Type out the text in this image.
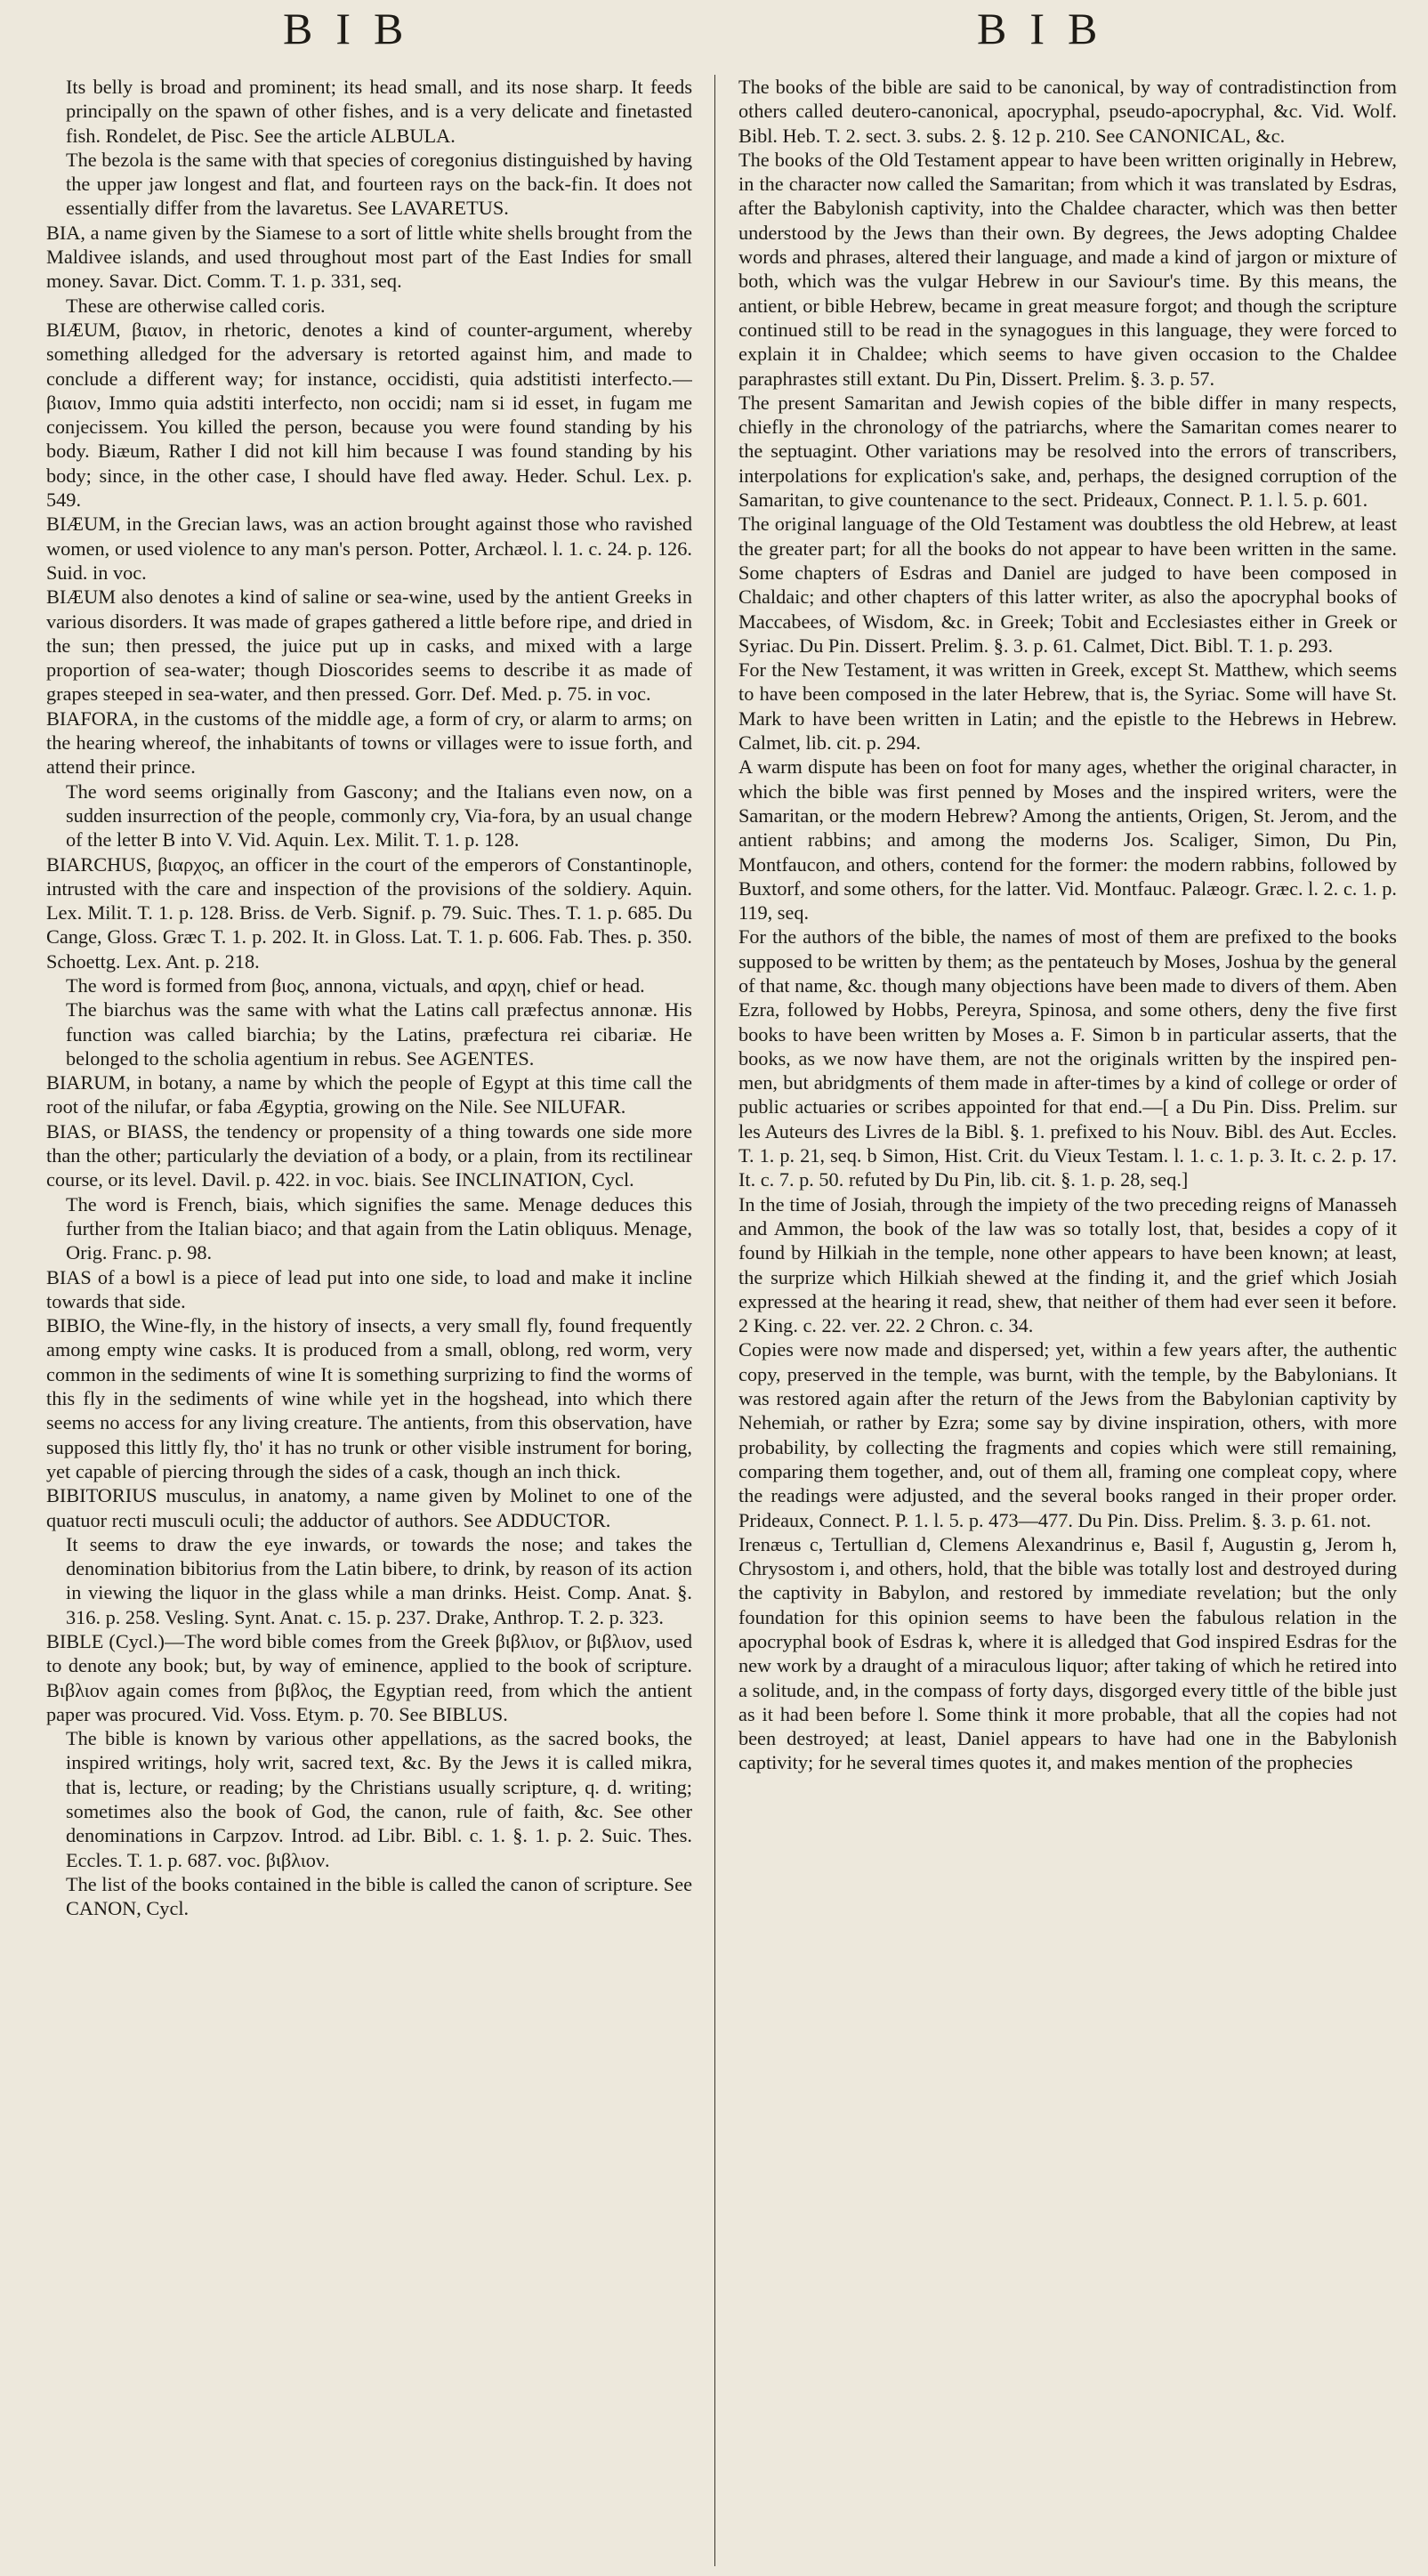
BIB	BIB

Its belly is broad and prominent; its head small, and its nose sharp. It feeds principally on the spawn of other fishes, and is a very delicate and finetasted fish. Rondelet, de Pisc. See the article ALBULA.

The bezola is the same with that species of coregonius distinguished by having the upper jaw longest and flat, and fourteen rays on the back-fin. It does not essentially differ from the lavaretus. See LAVARETUS.

BIA, a name given by the Siamese to a sort of little white shells brought from the Maldivee islands, and used throughout most part of the East Indies for small money. Savar. Dict. Comm. T. 1. p. 331, seq.

These are otherwise called coris.

BIÆUM, βιαιον, in rhetoric, denotes a kind of counter-argument, whereby something alledged for the adversary is retorted against him, and made to conclude a different way; for instance, occidisti, quia adstitisti interfecto.—βιαιον, Immo quia adstiti interfecto, non occidi; nam si id esset, in fugam me conjecissem. You killed the person, because you were found standing by his body. Biæum, Rather I did not kill him because I was found standing by his body; since, in the other case, I should have fled away. Heder. Schul. Lex. p. 549.

BIÆUM, in the Grecian laws, was an action brought against those who ravished women, or used violence to any man's person. Potter, Archæol. l. 1. c. 24. p. 126. Suid. in voc.

BIÆUM also denotes a kind of saline or sea-wine, used by the antient Greeks in various disorders. It was made of grapes gathered a little before ripe, and dried in the sun; then pressed, the juice put up in casks, and mixed with a large proportion of sea-water; though Dioscorides seems to describe it as made of grapes steeped in sea-water, and then pressed. Gorr. Def. Med. p. 75. in voc.

BIAFORA, in the customs of the middle age, a form of cry, or alarm to arms; on the hearing whereof, the inhabitants of towns or villages were to issue forth, and attend their prince.

The word seems originally from Gascony; and the Italians even now, on a sudden insurrection of the people, commonly cry, Via-fora, by an usual change of the letter B into V. Vid. Aquin. Lex. Milit. T. 1. p. 128.

BIARCHUS, βιαρχος, an officer in the court of the emperors of Constantinople, intrusted with the care and inspection of the provisions of the soldiery. Aquin. Lex. Milit. T. 1. p. 128. Briss. de Verb. Signif. p. 79. Suic. Thes. T. 1. p. 685. Du Cange, Gloss. Græc T. 1. p. 202. It. in Gloss. Lat. T. 1. p. 606. Fab. Thes. p. 350. Schoettg. Lex. Ant. p. 218.

The word is formed from βιος, annona, victuals, and αρχη, chief or head.

The biarchus was the same with what the Latins call præfectus annonæ. His function was called biarchia; by the Latins, præfectura rei cibariæ. He belonged to the scholia agentium in rebus. See AGENTES.

BIARUM, in botany, a name by which the people of Egypt at this time call the root of the nilufar, or faba Ægyptia, growing on the Nile. See NILUFAR.

BIAS, or BIASS, the tendency or propensity of a thing towards one side more than the other; particularly the deviation of a body, or a plain, from its rectilinear course, or its level. Davil. p. 422. in voc. biais. See INCLINATION, Cycl.

The word is French, biais, which signifies the same. Menage deduces this further from the Italian biaco; and that again from the Latin obliquus. Menage, Orig. Franc. p. 98.

BIAS of a bowl is a piece of lead put into one side, to load and make it incline towards that side.

BIBIO, the Wine-fly, in the history of insects, a very small fly, found frequently among empty wine casks. It is produced from a small, oblong, red worm, very common in the sediments of wine It is something surprizing to find the worms of this fly in the sediments of wine while yet in the hogshead, into which there seems no access for any living creature. The antients, from this observation, have supposed this littly fly, tho' it has no trunk or other visible instrument for boring, yet capable of piercing through the sides of a cask, though an inch thick.

BIBITORIUS musculus, in anatomy, a name given by Molinet to one of the quatuor recti musculi oculi; the adductor of authors. See ADDUCTOR.

It seems to draw the eye inwards, or towards the nose; and takes the denomination bibitorius from the Latin bibere, to drink, by reason of its action in viewing the liquor in the glass while a man drinks. Heist. Comp. Anat. §. 316. p. 258. Vesling. Synt. Anat. c. 15. p. 237. Drake, Anthrop. T. 2. p. 323.

BIBLE (Cycl.)—The word bible comes from the Greek βιβλιον, or βιβλιον, used to denote any book; but, by way of eminence, applied to the book of scripture. Βιβλιον again comes from βιβλος, the Egyptian reed, from which the antient paper was procured. Vid. Voss. Etym. p. 70. See BIBLUS.

The bible is known by various other appellations, as the sacred books, the inspired writings, holy writ, sacred text, &c. By the Jews it is called mikra, that is, lecture, or reading; by the Christians usually scripture, q. d. writing; sometimes also the book of God, the canon, rule of faith, &c. See other denominations in Carpzov. Introd. ad Libr. Bibl. c. 1. §. 1. p. 2. Suic. Thes. Eccles. T. 1. p. 687. voc. βιβλιον.

The list of the books contained in the bible is called the canon of scripture. See CANON, Cycl.

The books of the bible are said to be canonical, by way of contradistinction from others called deutero-canonical, apocryphal, pseudo-apocryphal, &c. Vid. Wolf. Bibl. Heb. T. 2. sect. 3. subs. 2. §. 12 p. 210. See CANONICAL, &c.

The books of the Old Testament appear to have been written originally in Hebrew, in the character now called the Samaritan; from which it was translated by Esdras, after the Babylonish captivity, into the Chaldee character, which was then better understood by the Jews than their own. By degrees, the Jews adopting Chaldee words and phrases, altered their language, and made a kind of jargon or mixture of both, which was the vulgar Hebrew in our Saviour's time. By this means, the antient, or bible Hebrew, became in great measure forgot; and though the scripture continued still to be read in the synagogues in this language, they were forced to explain it in Chaldee; which seems to have given occasion to the Chaldee paraphrastes still extant. Du Pin, Dissert. Prelim. §. 3. p. 57.

The present Samaritan and Jewish copies of the bible differ in many respects, chiefly in the chronology of the patriarchs, where the Samaritan comes nearer to the septuagint. Other variations may be resolved into the errors of transcribers, interpolations for explication's sake, and, perhaps, the designed corruption of the Samaritan, to give countenance to the sect. Prideaux, Connect. P. 1. l. 5. p. 601.

The original language of the Old Testament was doubtless the old Hebrew, at least the greater part; for all the books do not appear to have been written in the same. Some chapters of Esdras and Daniel are judged to have been composed in Chaldaic; and other chapters of this latter writer, as also the apocryphal books of Maccabees, of Wisdom, &c. in Greek; Tobit and Ecclesiastes either in Greek or Syriac. Du Pin. Dissert. Prelim. §. 3. p. 61. Calmet, Dict. Bibl. T. 1. p. 293.

For the New Testament, it was written in Greek, except St. Matthew, which seems to have been composed in the later Hebrew, that is, the Syriac. Some will have St. Mark to have been written in Latin; and the epistle to the Hebrews in Hebrew. Calmet, lib. cit. p. 294.

A warm dispute has been on foot for many ages, whether the original character, in which the bible was first penned by Moses and the inspired writers, were the Samaritan, or the modern Hebrew? Among the antients, Origen, St. Jerom, and the antient rabbins; and among the moderns Jos. Scaliger, Simon, Du Pin, Montfaucon, and others, contend for the former: the modern rabbins, followed by Buxtorf, and some others, for the latter. Vid. Montfauc. Palæogr. Græc. l. 2. c. 1. p. 119, seq.

For the authors of the bible, the names of most of them are prefixed to the books supposed to be written by them; as the pentateuch by Moses, Joshua by the general of that name, &c. though many objections have been made to divers of them. Aben Ezra, followed by Hobbs, Pereyra, Spinosa, and some others, deny the five first books to have been written by Moses a. F. Simon b in particular asserts, that the books, as we now have them, are not the originals written by the inspired pen-men, but abridgments of them made in after-times by a kind of college or order of public actuaries or scribes appointed for that end.—[ a Du Pin. Diss. Prelim. sur les Auteurs des Livres de la Bibl. §. 1. prefixed to his Nouv. Bibl. des Aut. Eccles. T. 1. p. 21, seq. b Simon, Hist. Crit. du Vieux Testam. l. 1. c. 1. p. 3. It. c. 2. p. 17. It. c. 7. p. 50. refuted by Du Pin, lib. cit. §. 1. p. 28, seq.]

In the time of Josiah, through the impiety of the two preceding reigns of Manasseh and Ammon, the book of the law was so totally lost, that, besides a copy of it found by Hilkiah in the temple, none other appears to have been known; at least, the surprize which Hilkiah shewed at the finding it, and the grief which Josiah expressed at the hearing it read, shew, that neither of them had ever seen it before. 2 King. c. 22. ver. 22. 2 Chron. c. 34.

Copies were now made and dispersed; yet, within a few years after, the authentic copy, preserved in the temple, was burnt, with the temple, by the Babylonians. It was restored again after the return of the Jews from the Babylonian captivity by Nehemiah, or rather by Ezra; some say by divine inspiration, others, with more probability, by collecting the fragments and copies which were still remaining, comparing them together, and, out of them all, framing one compleat copy, where the readings were adjusted, and the several books ranged in their proper order. Prideaux, Connect. P. 1. l. 5. p. 473—477. Du Pin. Diss. Prelim. §. 3. p. 61. not.

Irenæus c, Tertullian d, Clemens Alexandrinus e, Basil f, Augustin g, Jerom h, Chrysostom i, and others, hold, that the bible was totally lost and destroyed during the captivity in Babylon, and restored by immediate revelation; but the only foundation for this opinion seems to have been the fabulous relation in the apocryphal book of Esdras k, where it is alledged that God inspired Esdras for the new work by a draught of a miraculous liquor; after taking of which he retired into a solitude, and, in the compass of forty days, disgorged every tittle of the bible just as it had been before l. Some think it more probable, that all the copies had not been destroyed; at least, Daniel appears to have had one in the Babylonish captivity; for he several times quotes it, and makes mention of the prophecies
